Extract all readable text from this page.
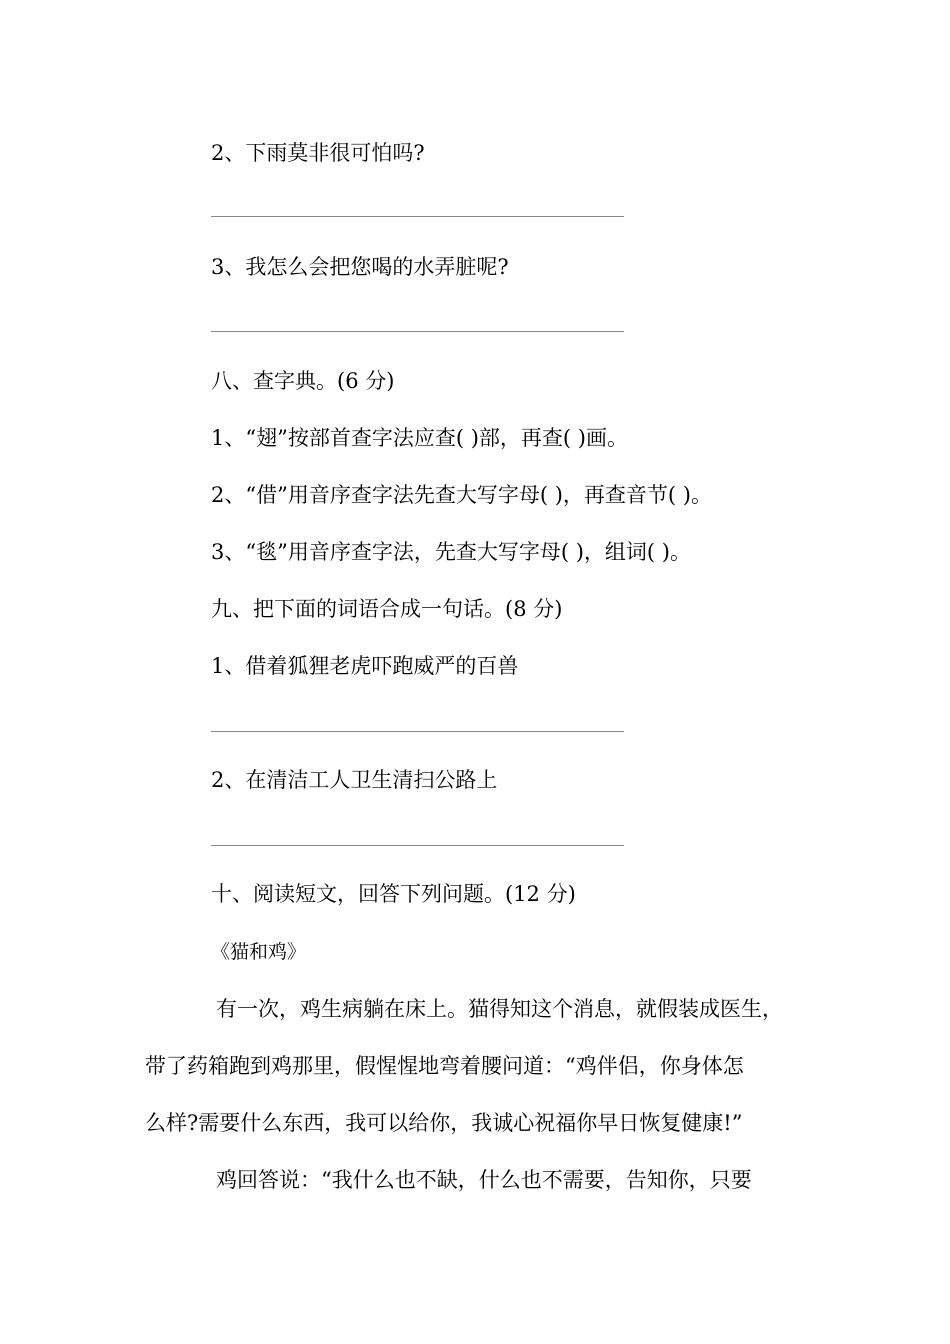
2、下雨莫非很可怕吗?

3、我怎么会把您喝的水弄脏呢?

八、查字典。(6 分)

1、“翅”按部首查字法应查( )部，再查( )画。

2、“借”用音序查字法先查大写字母( )，再查音节( )。

3、“毯”用音序查字法，先查大写字母( )，组词( )。

九、把下面的词语合成一句话。(8 分)

1、借着狐狸老虎吓跑威严的百兽

2、在清洁工人卫生清扫公路上

十、阅读短文，回答下列问题。(12 分)

《猫和鸡》

有一次，鸡生病躺在床上。猫得知这个消息，就假装成医生，

带了药箱跑到鸡那里，假惺惺地弯着腰问道：“鸡伴侣，你身体怎

么样?需要什么东西，我可以给你，我诚心祝福你早日恢复健康!”

鸡回答说：“我什么也不缺，什么也不需要，告知你，只要
